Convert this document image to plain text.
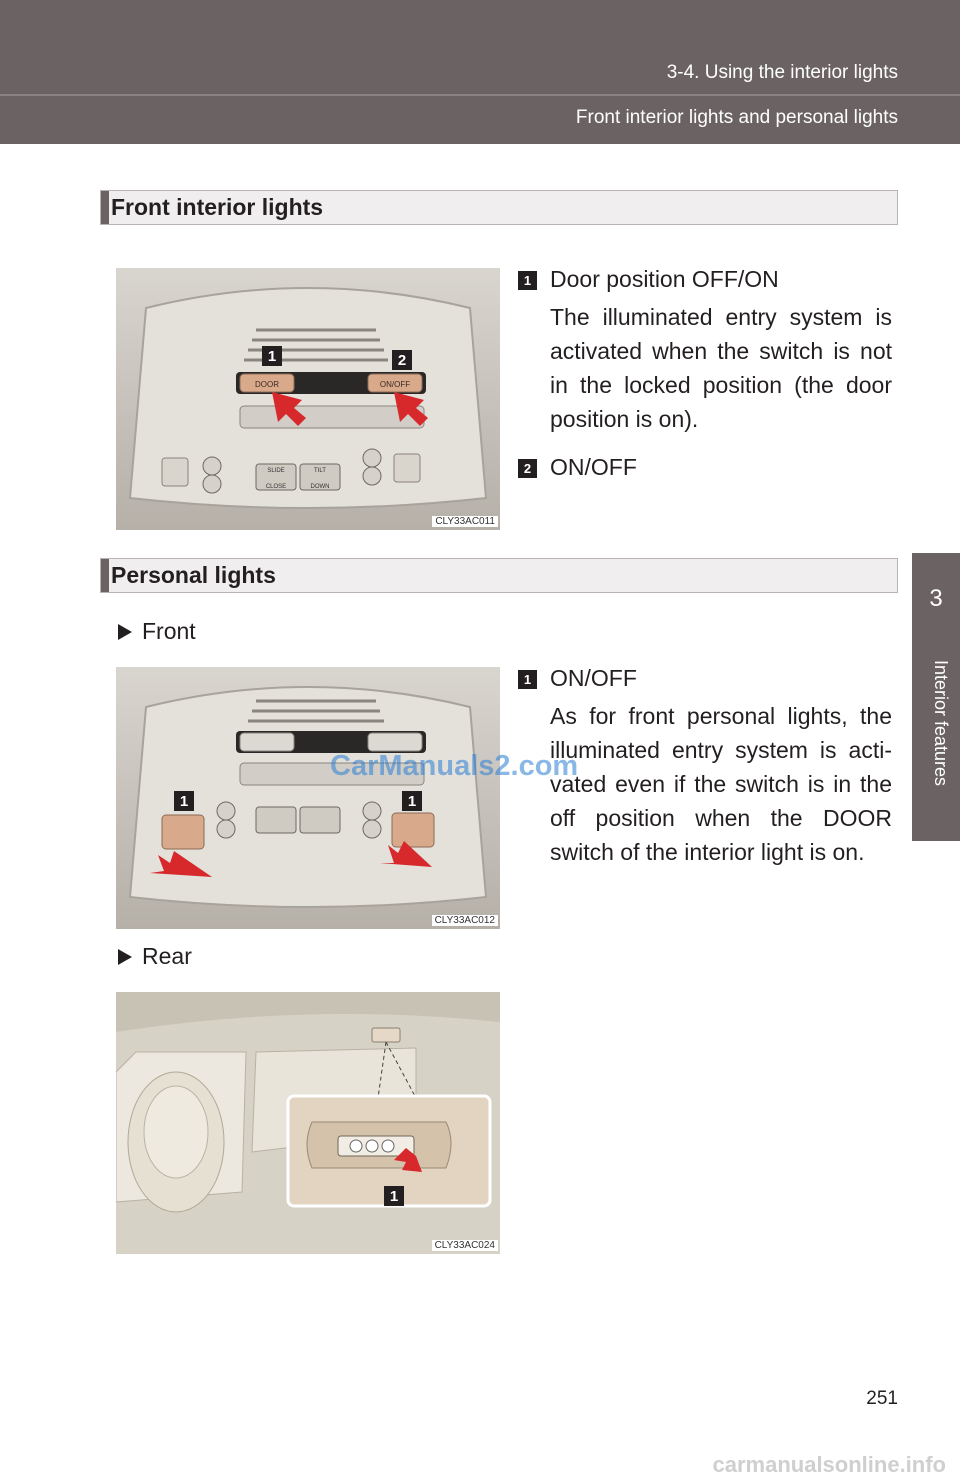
3-4. Using the interior lights
Front interior lights and personal lights
3
Interior features
Front interior lights
DOOR	ON/OFF
SLIDE
CLOSE
TILT
DOWN
1	2
CLY33AC011
1 Door position OFF/ON
The illuminated entry system is activated when the switch is not in the locked position (the door position is on).
2 ON/OFF
Personal lights
Front
1	1
CLY33AC012
1 ON/OFF
As for front personal lights, the illuminated entry system is acti-vated even if the switch is in the off position when the DOOR switch of the interior light is on.
CarManuals2.com
Rear
1
CLY33AC024
251
carmanualsonline.info
